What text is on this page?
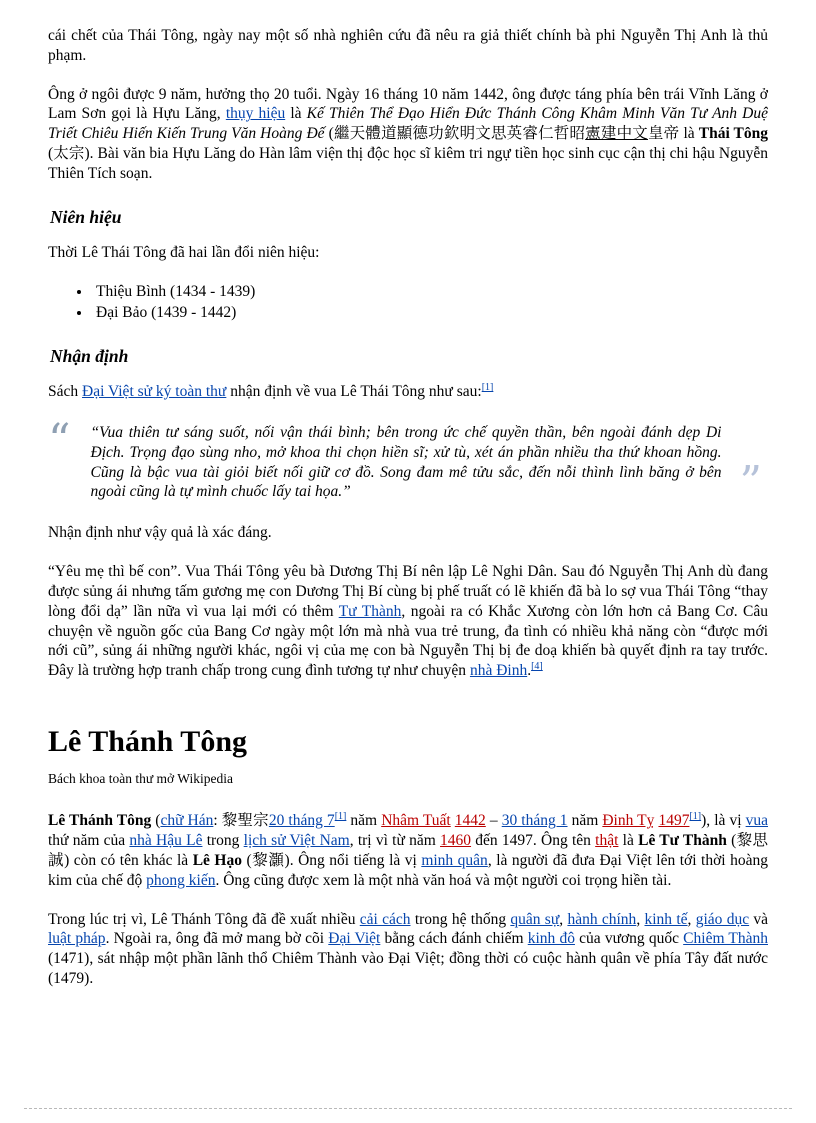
cái chết của Thái Tông, ngày nay một số nhà nghiên cứu đã nêu ra giả thiết chính bà phi Nguyễn Thị Anh là thủ phạm.

Ông ở ngôi được 9 năm, hưởng thọ 20 tuổi. Ngày 16 tháng 10 năm 1442, ông được táng phía bên trái Vĩnh Lăng ở Lam Sơn gọi là Hựu Lăng, thụy hiệu là Kế Thiên Thể Đạo Hiển Đức Thánh Công Khâm Minh Văn Tư Anh Duệ Triết Chiêu Hiến Kiến Trung Văn Hoàng Đế (繼天體道顯德功欽明文思英睿仁哲昭憲建中文皇帝 là Thái Tông (太宗). Bài văn bia Hựu Lăng do Hàn lâm viện thị độc học sĩ kiêm tri ngự tiền học sinh cục cận thị chi hậu Nguyễn Thiên Tích soạn.

Niên hiệu

Thời Lê Thái Tông đã hai lần đổi niên hiệu:

• Thiệu Bình (1434 - 1439)
• Đại Bảo (1439 - 1442)
Nhận định

Sách Đại Việt sử ký toàn thư nhận định về vua Lê Thái Tông như sau:[1]

“	“Vua thiên tư sáng suốt, nối vận thái bình; bên trong ức chế quyền thần, bên ngoài đánh dẹp Di Địch. Trọng đạo sùng nho, mở khoa thi chọn hiền sĩ; xử tù, xét án phần nhiều tha thứ khoan hồng. Cũng là bậc vua tài giỏi biết nối giữ cơ đồ. Song đam mê tửu sắc, đến nỗi thình lình băng ở bên ngoài cũng là tự mình chuốc lấy tai họa.”	”

Nhận định như vậy quả là xác đáng.

“Yêu mẹ thì bế con”. Vua Thái Tông yêu bà Dương Thị Bí nên lập Lê Nghi Dân. Sau đó Nguyễn Thị Anh dù đang được sủng ái nhưng tấm gương mẹ con Dương Thị Bí cùng bị phế truất có lẽ khiến đã bà lo sợ vua Thái Tông “thay lòng đổi dạ” lần nữa vì vua lại mới có thêm Tư Thành, ngoài ra có Khắc Xương còn lớn hơn cả Bang Cơ. Câu chuyện về nguồn gốc của Bang Cơ ngày một lớn mà nhà vua trẻ trung, đa tình có nhiều khả năng còn “được mới nới cũ”, sủng ái những người khác, ngôi vị của mẹ con bà Nguyễn Thị bị đe doạ khiến bà quyết định ra tay trước. Đây là trường hợp tranh chấp trong cung đình tương tự như chuyện nhà Đinh.[4]

Lê Thánh Tông

Bách khoa toàn thư mở Wikipedia

Lê Thánh Tông (chữ Hán: 黎聖宗20 tháng 7[1] năm Nhâm Tuất 1442 – 30 tháng 1 năm Đinh Tỵ 1497[1]), là vị vua thứ năm của nhà Hậu Lê trong lịch sử Việt Nam, trị vì từ năm 1460 đến 1497. Ông tên thật là Lê Tư Thành (黎思誠) còn có tên khác là Lê Hạo (黎灝). Ông nổi tiếng là vị minh quân, là người đã đưa Đại Việt lên tới thời hoàng kim của chế độ phong kiến. Ông cũng được xem là một nhà văn hoá và một người coi trọng hiền tài.

Trong lúc trị vì, Lê Thánh Tông đã đề xuất nhiều cải cách trong hệ thống quân sự, hành chính, kinh tế, giáo dục và luật pháp. Ngoài ra, ông đã mở mang bờ cõi Đại Việt bằng cách đánh chiếm kinh đô của vương quốc Chiêm Thành (1471), sát nhập một phần lãnh thổ Chiêm Thành vào Đại Việt; đồng thời có cuộc hành quân về phía Tây đất nước (1479).
